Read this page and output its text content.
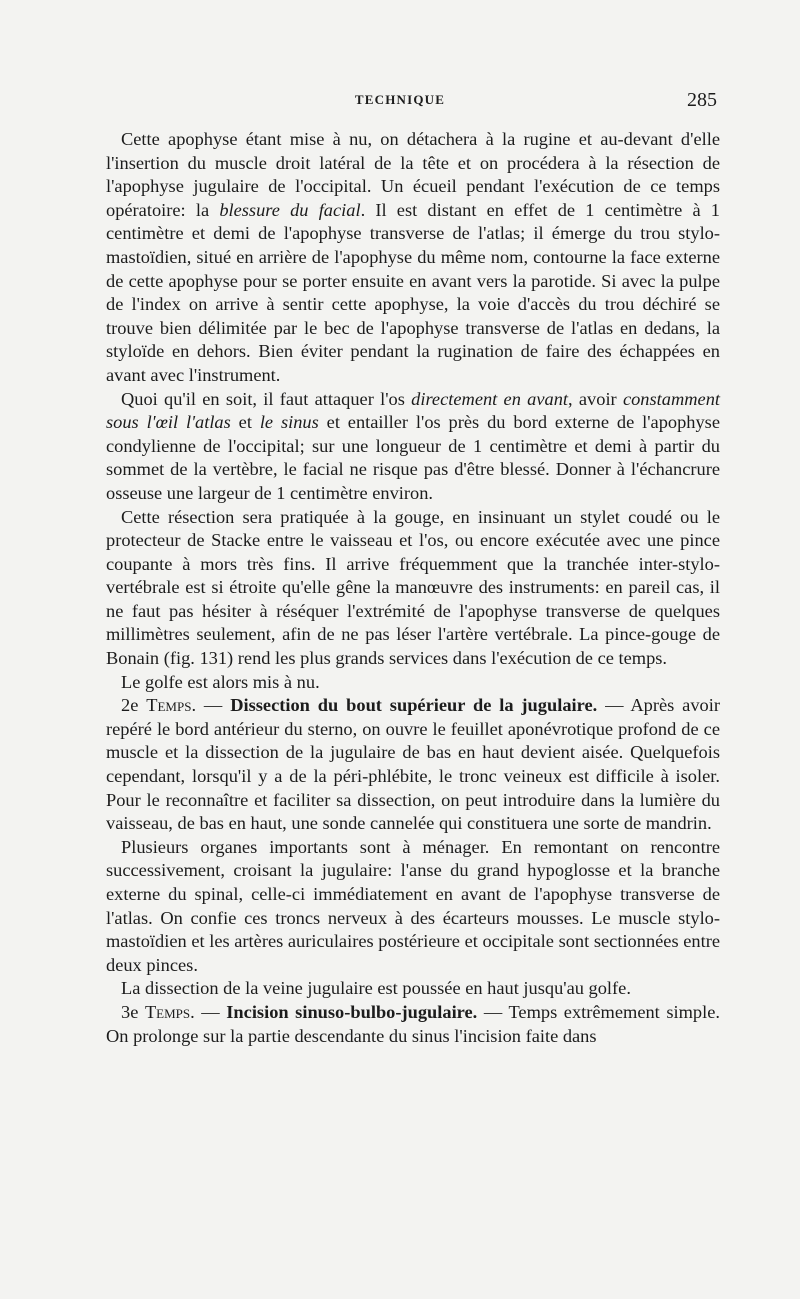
TECHNIQUE	285

Cette apophyse étant mise à nu, on détachera à la rugine et au-devant d'elle l'insertion du muscle droit latéral de la tête et on procédera à la résection de l'apophyse jugulaire de l'occipital. Un écueil pendant l'exécution de ce temps opératoire: la blessure du facial. Il est distant en effet de 1 centimètre à 1 centimètre et demi de l'apophyse transverse de l'atlas; il émerge du trou stylo-mastoïdien, situé en arrière de l'apophyse du même nom, contourne la face externe de cette apophyse pour se porter ensuite en avant vers la parotide. Si avec la pulpe de l'index on arrive à sentir cette apophyse, la voie d'accès du trou déchiré se trouve bien délimitée par le bec de l'apophyse transverse de l'atlas en dedans, la styloïde en dehors. Bien éviter pendant la rugination de faire des échappées en avant avec l'instrument.

Quoi qu'il en soit, il faut attaquer l'os directement en avant, avoir constamment sous l'œil l'atlas et le sinus et entailler l'os près du bord externe de l'apophyse condylienne de l'occipital; sur une longueur de 1 centimètre et demi à partir du sommet de la vertèbre, le facial ne risque pas d'être blessé. Donner à l'échancrure osseuse une largeur de 1 centimètre environ.

Cette résection sera pratiquée à la gouge, en insinuant un stylet coudé ou le protecteur de Stacke entre le vaisseau et l'os, ou encore exécutée avec une pince coupante à mors très fins. Il arrive fréquemment que la tranchée inter-stylo-vertébrale est si étroite qu'elle gêne la manœuvre des instruments: en pareil cas, il ne faut pas hésiter à réséquer l'extrémité de l'apophyse transverse de quelques millimètres seulement, afin de ne pas léser l'artère vertébrale. La pince-gouge de Bonain (fig. 131) rend les plus grands services dans l'exécution de ce temps.

Le golfe est alors mis à nu.

2e Temps. — Dissection du bout supérieur de la jugulaire. — Après avoir repéré le bord antérieur du sterno, on ouvre le feuillet aponévrotique profond de ce muscle et la dissection de la jugulaire de bas en haut devient aisée. Quelquefois cependant, lorsqu'il y a de la péri-phlébite, le tronc veineux est difficile à isoler. Pour le reconnaître et faciliter sa dissection, on peut introduire dans la lumière du vaisseau, de bas en haut, une sonde cannelée qui constituera une sorte de mandrin.

Plusieurs organes importants sont à ménager. En remontant on rencontre successivement, croisant la jugulaire: l'anse du grand hypoglosse et la branche externe du spinal, celle-ci immédiatement en avant de l'apophyse transverse de l'atlas. On confie ces troncs nerveux à des écarteurs mousses. Le muscle stylo-mastoïdien et les artères auriculaires postérieure et occipitale sont sectionnées entre deux pinces.

La dissection de la veine jugulaire est poussée en haut jusqu'au golfe.

3e Temps. — Incision sinuso-bulbo-jugulaire. — Temps extrêmement simple. On prolonge sur la partie descendante du sinus l'incision faite dans
